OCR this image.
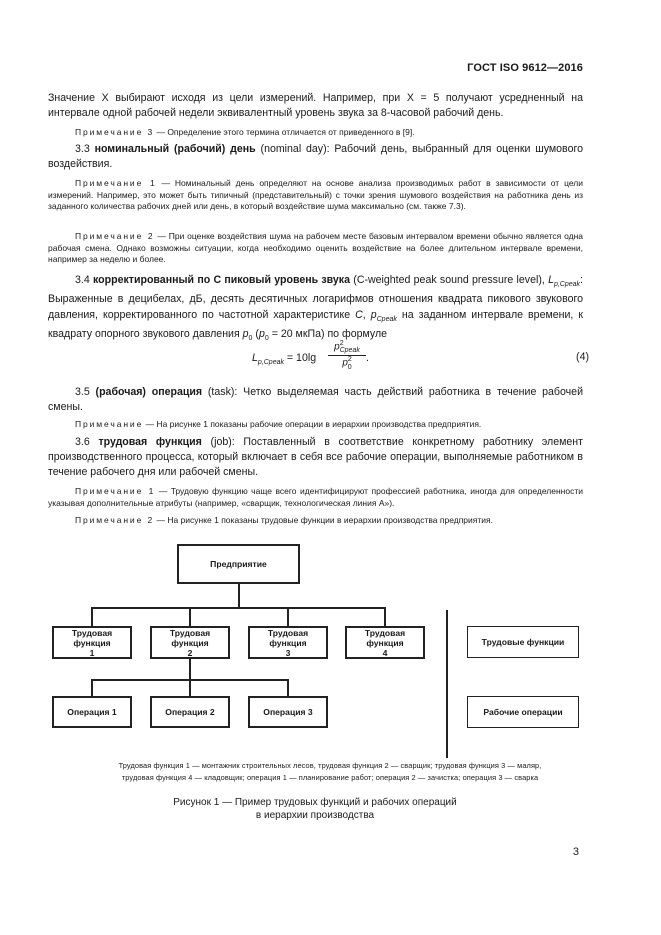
ГОСТ ISO 9612—2016
Значение X выбирают исходя из цели измерений. Например, при X = 5 получают усредненный на интервале одной рабочей недели эквивалентный уровень звука за 8-часовой рабочий день.
Примечание 3 — Определение этого термина отличается от приведенного в [9].
3.3 номинальный (рабочий) день (nominal day): Рабочий день, выбранный для оценки шумового воздействия.
Примечание 1 — Номинальный день определяют на основе анализа производимых работ в зависимости от цели измерений. Например, это может быть типичный (представительный) с точки зрения шумового воздействия на работника день из заданного количества рабочих дней или день, в который воздействие шума максимально (см. также 7.3).
Примечание 2 — При оценке воздействия шума на рабочем месте базовым интервалом времени обычно является одна рабочая смена. Однако возможны ситуации, когда необходимо оценить воздействие на более длительном интервале времени, например за неделю и более.
3.4 корректированный по С пиковый уровень звука (C-weighted peak sound pressure level), $L_{p,Cpeak}$: Выраженные в децибелах, дБ, десять десятичных логарифмов отношения квадрата пикового звукового давления, корректированного по частотной характеристике C, $p_{Cpeak}$ на заданном интервале времени, к квадрату опорного звукового давления $p_0$ ($p_0 = 20$ мкПа) по формуле
$L_{p,Cpeak} = 10\lg$
$p^2_{Cpeak}$
$p^2_0$
.	(4)
3.5 (рабочая) операция (task): Четко выделяемая часть действий работника в течение рабочей смены.
Примечание — На рисунке 1 показаны рабочие операции в иерархии производства предприятия.
3.6 трудовая функция (job): Поставленный в соответствие конкретному работнику элемент производственного процесса, который включает в себя все рабочие операции, выполняемые работником в течение рабочего дня или рабочей смены.
Примечание 1 — Трудовую функцию чаще всего идентифицируют профессией работника, иногда для определенности указывая дополнительные атрибуты (например, «сварщик, технологическая линия А»).
Примечание 2 — На рисунке 1 показаны трудовые функции в иерархии производства предприятия.
Предприятие
Трудовая функция
1
Трудовая функция
2
Трудовая функция
3
Трудовая функция
4
Операция 1	Операция 2	Операция 3
Трудовые функции
Рабочие операции
Трудовая функция 1 — монтажник строительных лесов, трудовая функция 2 — сварщик; трудовая функция 3 — маляр,
трудовая функция 4 — кладовщик; операция 1 — планирование работ; операция 2 — зачистка; операция 3 — сварка
Рисунок 1 — Пример трудовых функций и рабочих операций
в иерархии производства
3
